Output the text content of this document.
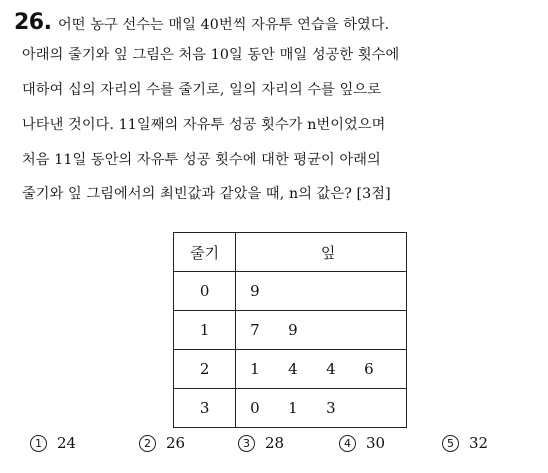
26. 어떤 농구 선수는 매일 40번씩 자유투 연습을 하였다.
아래의 줄기와 잎 그림은 처음 10일 동안 매일 성공한 횟수에
대하여 십의 자리의 수를 줄기로, 일의 자리의 수를 잎으로
나타낸 것이다. 11일째의 자유투 성공 횟수가 n번이었으며
처음 11일 동안의 자유투 성공 횟수에 대한 평균이 아래의
줄기와 잎 그림에서의 최빈값과 같았을 때, n의 값은? [3점]
줄기	잎
0	9
1	7 9
2	1 4 4 6
3	0 1 3
1	24	2	26	3	28	4	30	5	32
